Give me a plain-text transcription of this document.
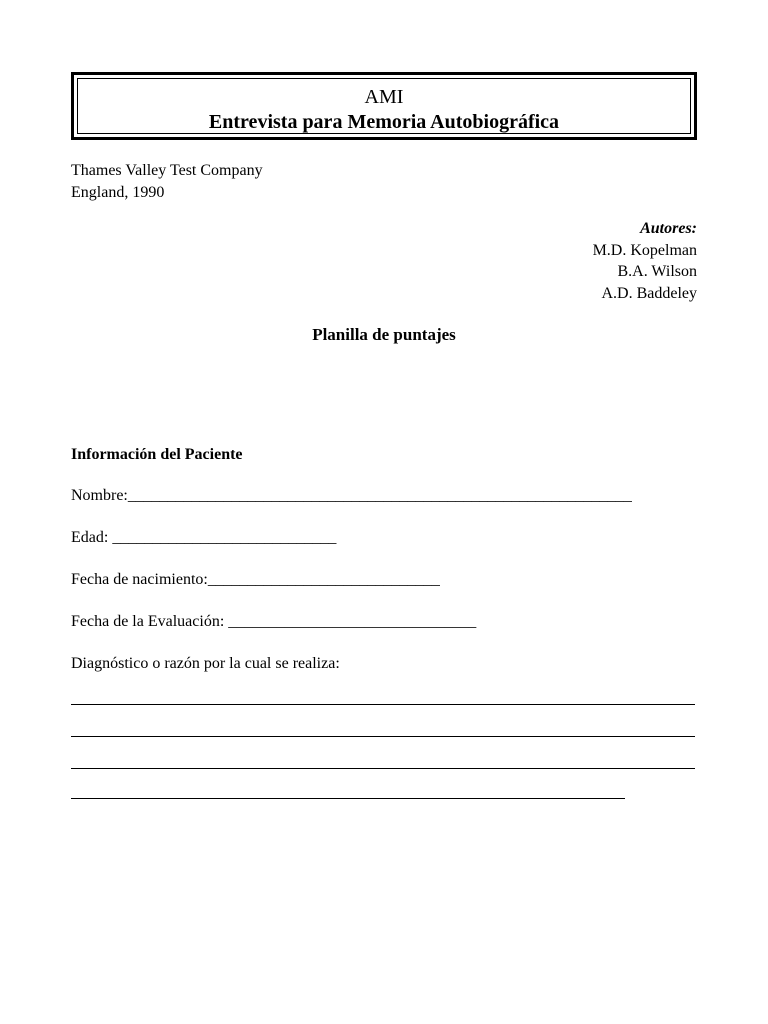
AMI
Entrevista para Memoria Autobiográfica
Thames Valley Test Company
England, 1990
Autores:
M.D. Kopelman
B.A. Wilson
A.D. Baddeley
Planilla de puntajes
Información del Paciente
Nombre:_______________________________________________________________
Edad: ____________________________
Fecha de nacimiento:_____________________________
Fecha de la Evaluación: _______________________________
Diagnóstico o razón por la cual se realiza:
